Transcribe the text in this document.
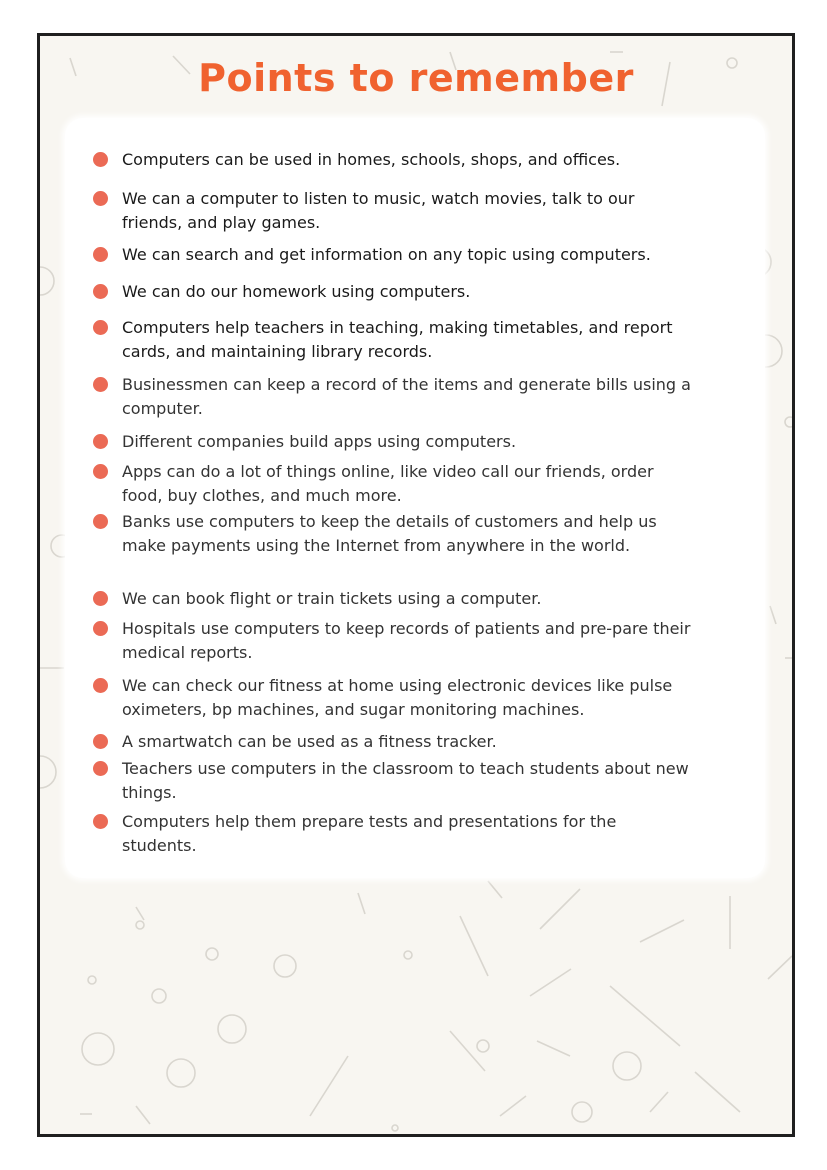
Points to remember
Computers can be used in homes, schools, shops, and offices.
We can a computer to listen to music, watch movies, talk to our friends, and play games.
We can search and get information on any topic using computers.
We can do our homework using computers.
Computers help teachers in teaching, making timetables, and report cards, and maintaining library records.
Businessmen can keep a record of the items and generate bills using a computer.
Different companies build apps using computers.
Apps can do a lot of things online, like video call our friends, order food, buy clothes, and much more.
Banks use computers to keep the details of customers and help us make payments using the Internet from anywhere in the world.
We can book flight or train tickets using a computer.
Hospitals use computers to keep records of patients and pre-pare their medical reports.
We can check our fitness at home using electronic devices like pulse oximeters, bp machines, and sugar monitoring machines.
A smartwatch can be used as a fitness tracker.
Teachers use computers in the classroom to teach students about new things.
Computers help them prepare tests and presentations for the students.
